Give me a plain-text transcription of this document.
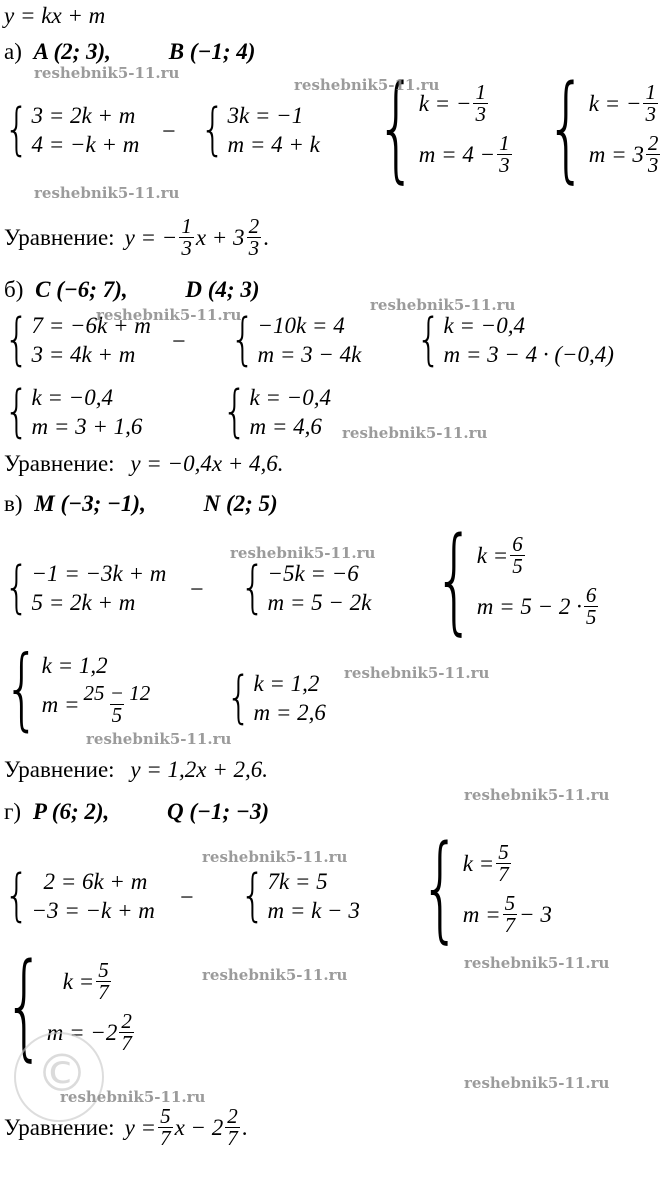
y = kx + m
а) A (2; 3),	B (−1; 4)
{ 3 = 2k + m
4 = −k + m − { 3k = −1
m = 4 + k { k = − $\frac{1}{3}$
$m = 4 - \frac{1}{3}$ { k = − $\frac{1}{3}$
$m = 3 \frac{2}{3}$
Уравнение: y = − $\frac{1}{3}$ $x + 3 \frac{2}{3}$ .
б) C (−6; 7),	D (4; 3)
{ 7 = −6k + m
3 = 4k + m	− { −10k = 4
m = 3 − 4k { k = −0,4
m = 3 − 4 · (−0,4)
{ k = −0,4
m = 3 + 1,6 { k = −0,4
m = 4,6
Уравнение: y = −0,4x + 4,6.
в) M (−3; −1),	N (2; 5)
{ −1 = −3k + m
5 = 2k + m	− { −5k = −6
m = 5 − 2k { $k = \frac{6}{5}$
$m = 5 - 2 \cdot \frac{6}{5}$
{ k = 1,2
$m = \frac{25 - 12}{5}$ { k = 1,2
m = 2,6
Уравнение: y = 1,2x + 2,6.
г) P (6; 2),	Q (−1; −3)
{ 2 = 6k + m
−3 = −k + m − { 7k = 5
m = k − 3 { $k = \frac{5}{7}$
$m = \frac{5}{7} - 3$
{ $k = \frac{5}{7}$
$m = -2 \frac{2}{7}$
Уравнение: $y = \frac{5}{7}$ $x - 2 \frac{2}{7}$ .
©
reshebnik5-11.ru
reshebnik5-11.ru
reshebnik5-11.ru
reshebnik5-11.ru
reshebnik5-11.ru
reshebnik5-11.ru
reshebnik5-11.ru
reshebnik5-11.ru
reshebnik5-11.ru
reshebnik5-11.ru
reshebnik5-11.ru
reshebnik5-11.ru
reshebnik5-11.ru
reshebnik5-11.ru
reshebnik5-11.ru
